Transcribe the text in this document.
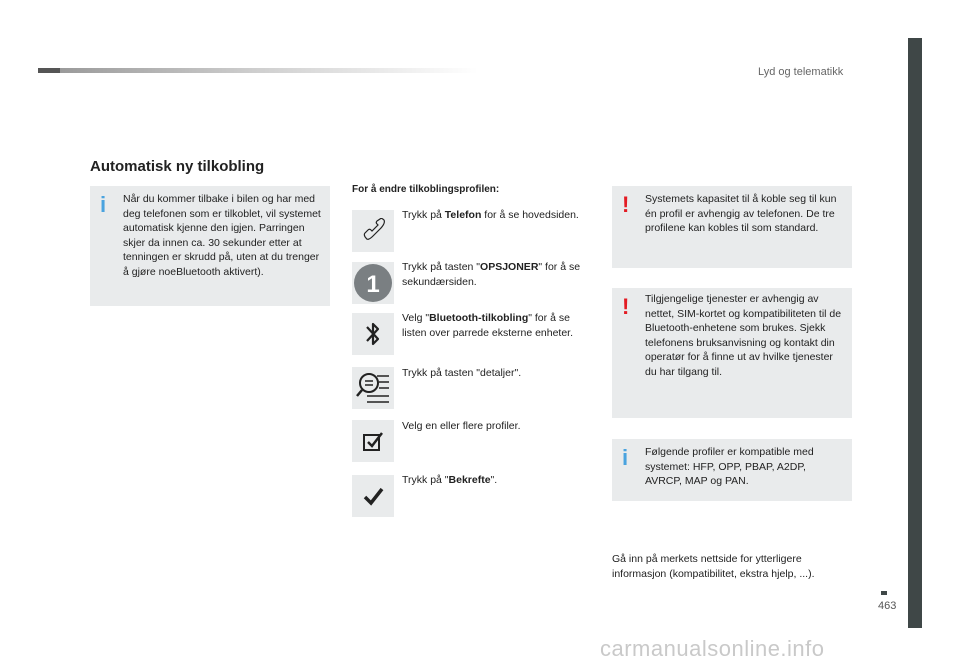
Lyd og telematikk
463
Automatisk ny tilkobling
i Når du kommer tilbake i bilen og har med deg telefonen som er tilkoblet, vil systemet automatisk kjenne den igjen. Parringen skjer da innen ca. 30 sekunder etter at tenningen er skrudd på, uten at du trenger å gjøre noeBluetooth aktivert).
For å endre tilkoblingsprofilen:
Trykk på Telefon for å se hovedsiden.
1
Trykk på tasten "OPSJONER" for å se sekundærsiden.
Velg "Bluetooth-tilkobling" for å se listen over parrede eksterne enheter.
Trykk på tasten "detaljer".
Velg en eller flere profiler.
Trykk på "Bekrefte".
! Systemets kapasitet til å koble seg til kun én profil er avhengig av telefonen. De tre profilene kan kobles til som standard.
! Tilgjengelige tjenester er avhengig av nettet, SIM-kortet og kompatibiliteten til de Bluetooth-enhetene som brukes. Sjekk telefonens bruksanvisning og kontakt din operatør for å finne ut av hvilke tjenester du har tilgang til.
i Følgende profiler er kompatible med systemet: HFP, OPP, PBAP, A2DP, AVRCP, MAP og PAN.
Gå inn på merkets nettside for ytterligere informasjon (kompatibilitet, ekstra hjelp, ...).
carmanualsonline.info
